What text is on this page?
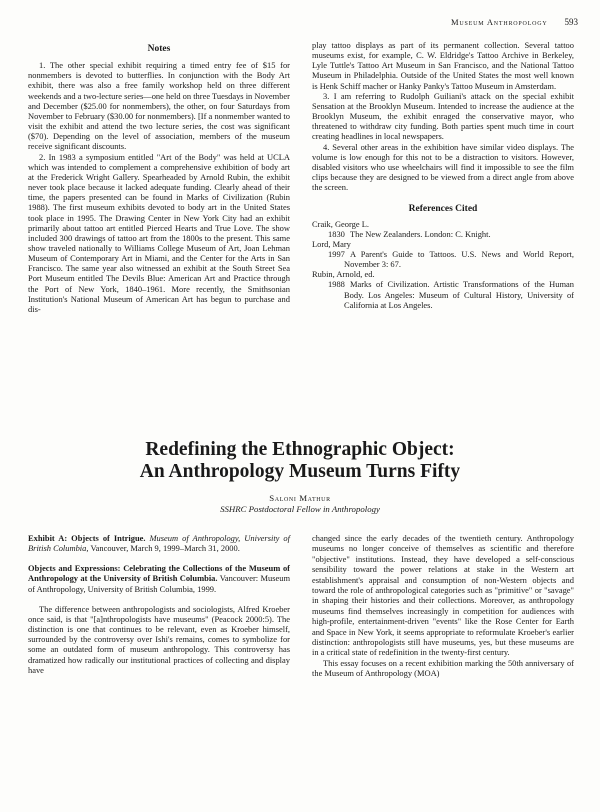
Museum Anthropology 593
Notes

1. The other special exhibit requiring a timed entry fee of $15 for nonmembers is devoted to butterflies. In conjunction with the Body Art exhibit, there was also a free family workshop held on three different weekends and a two-lecture series—one held on three Tuesdays in November and December ($25.00 for nonmembers), the other, on four Saturdays from November to February ($30.00 for nonmembers). [If a nonmember wanted to visit the exhibit and attend the two lecture series, the cost was significant ($70). Depending on the level of association, members of the museum receive significant discounts.

2. In 1983 a symposium entitled "Art of the Body" was held at UCLA which was intended to complement a comprehensive exhibition of body art at the Frederick Wright Gallery. Spearheaded by Arnold Rubin, the exhibit never took place because it lacked adequate funding. Clearly ahead of their time, the papers presented can be found in Marks of Civilization (Rubin 1988). The first museum exhibits devoted to body art in the United States took place in 1995. The Drawing Center in New York City had an exhibit primarily about tattoo art entitled Pierced Hearts and True Love. The show included 300 drawings of tattoo art from the 1800s to the present. This same show traveled nationally to Williams College Museum of Art, Joan Lehman Museum of Contemporary Art in Miami, and the Center for the Arts in San Francisco. The same year also witnessed an exhibit at the South Street Sea Port Museum entitled The Devils Blue: American Art and Practice through the Port of New York, 1840–1961. More recently, the Smithsonian Institution's National Museum of American Art has begun to purchase and dis-

play tattoo displays as part of its permanent collection. Several tattoo museums exist, for example, C. W. Eldridge's Tattoo Archive in Berkeley, Lyle Tuttle's Tattoo Art Museum in San Francisco, and the National Tattoo Museum in Philadelphia. Outside of the United States the most well known is Henk Schiff macher or Hanky Panky's Tattoo Museum in Amsterdam.

3. I am referring to Rudolph Guiliani's attack on the special exhibit Sensation at the Brooklyn Museum. Intended to increase the audience at the Brooklyn Museum, the exhibit enraged the conservative mayor, who threatened to withdraw city funding. Both parties spent much time in court creating headlines in local newspapers.

4. Several other areas in the exhibition have similar video displays. The volume is low enough for this not to be a distraction to visitors. However, disabled visitors who use wheelchairs will find it impossible to see the film clips because they are designed to be viewed from a direct angle from above the screen.

References Cited
Craik, George L.
1830 The New Zealanders. London: C. Knight.
Lord, Mary
1997 A Parent's Guide to Tattoos. U.S. News and World Report, November 3: 67.
Rubin, Arnold, ed.
1988 Marks of Civilization. Artistic Transformations of the Human Body. Los Angeles: Museum of Cultural History, University of California at Los Angeles.
Redefining the Ethnographic Object:
An Anthropology Museum Turns Fifty
Saloni Mathur
SSHRC Postdoctoral Fellow in Anthropology
Exhibit A: Objects of Intrigue. Museum of Anthropology, University of British Columbia, Vancouver, March 9, 1999–March 31, 2000.
Objects and Expressions: Celebrating the Collections of the Museum of Anthropology at the University of British Columbia. Vancouver: Museum of Anthropology, University of British Columbia, 1999.

The difference between anthropologists and sociologists, Alfred Kroeber once said, is that "[a]nthropologists have museums" (Peacock 2000:5). The distinction is one that continues to be relevant, even as Kroeber himself, surrounded by the controversy over Ishi's remains, comes to symbolize for some an outdated form of museum anthropology. This controversy has dramatized how radically our institutional practices of collecting and display have

changed since the early decades of the twentieth century. Anthropology museums no longer conceive of themselves as scientific and therefore "objective" institutions. Instead, they have developed a self-conscious sensibility toward the power relations at stake in the Western art establishment's appraisal and consumption of non-Western objects and toward the role of anthropological categories such as "primitive" or "savage" in shaping their histories and their collections. Moreover, as anthropology museums find themselves increasingly in competition for audiences with high-profile, entertainment-driven "events" like the Rose Center for Earth and Space in New York, it seems appropriate to reformulate Kroeber's earlier distinction: anthropologists still have museums, yes, but these museums are in a critical state of redefinition in the twenty-first century.

This essay focuses on a recent exhibition marking the 50th anniversary of the Museum of Anthropology (MOA)
